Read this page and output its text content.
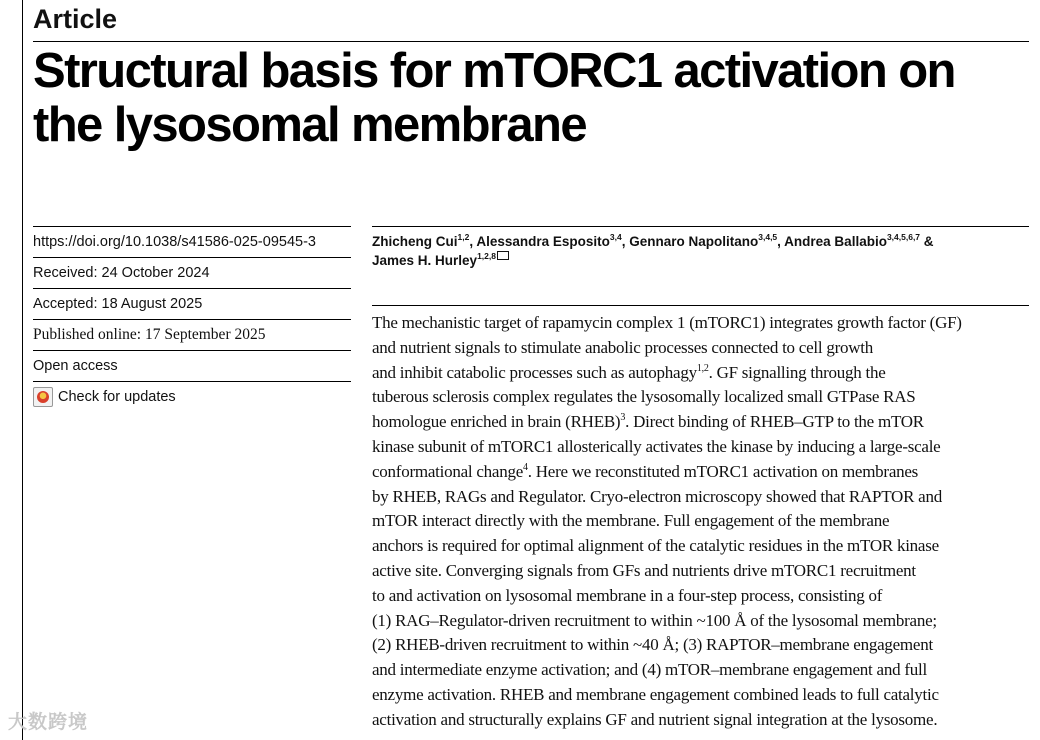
Article
Structural basis for mTORC1 activation on the lysosomal membrane
https://doi.org/10.1038/s41586-025-09545-3
Received: 24 October 2024
Accepted: 18 August 2025
Published online: 17 September 2025
Open access
Check for updates
Zhicheng Cui$^{1,2}$, Alessandra Esposito$^{3,4}$, Gennaro Napolitano$^{3,4,5}$, Andrea Ballabio$^{3,4,5,6,7}$ &
James H. Hurley$^{1,2,8}$
The mechanistic target of rapamycin complex 1 (mTORC1) integrates growth factor (GF)
and nutrient signals to stimulate anabolic processes connected to cell growth
and inhibit catabolic processes such as autophagy$^{1,2}$. GF signalling through the
tuberous sclerosis complex regulates the lysosomally localized small GTPase RAS
homologue enriched in brain (RHEB)$^3$. Direct binding of RHEB–GTP to the mTOR
kinase subunit of mTORC1 allosterically activates the kinase by inducing a large-scale
conformational change$^4$. Here we reconstituted mTORC1 activation on membranes
by RHEB, RAGs and Regulator. Cryo-electron microscopy showed that RAPTOR and
mTOR interact directly with the membrane. Full engagement of the membrane
anchors is required for optimal alignment of the catalytic residues in the mTOR kinase
active site. Converging signals from GFs and nutrients drive mTORC1 recruitment
to and activation on lysosomal membrane in a four-step process, consisting of
(1) RAG–Regulator-driven recruitment to within ~100 Å of the lysosomal membrane;
(2) RHEB-driven recruitment to within ~40 Å; (3) RAPTOR–membrane engagement
and intermediate enzyme activation; and (4) mTOR–membrane engagement and full
enzyme activation. RHEB and membrane engagement combined leads to full catalytic
activation and structurally explains GF and nutrient signal integration at the lysosome.
大数跨境
